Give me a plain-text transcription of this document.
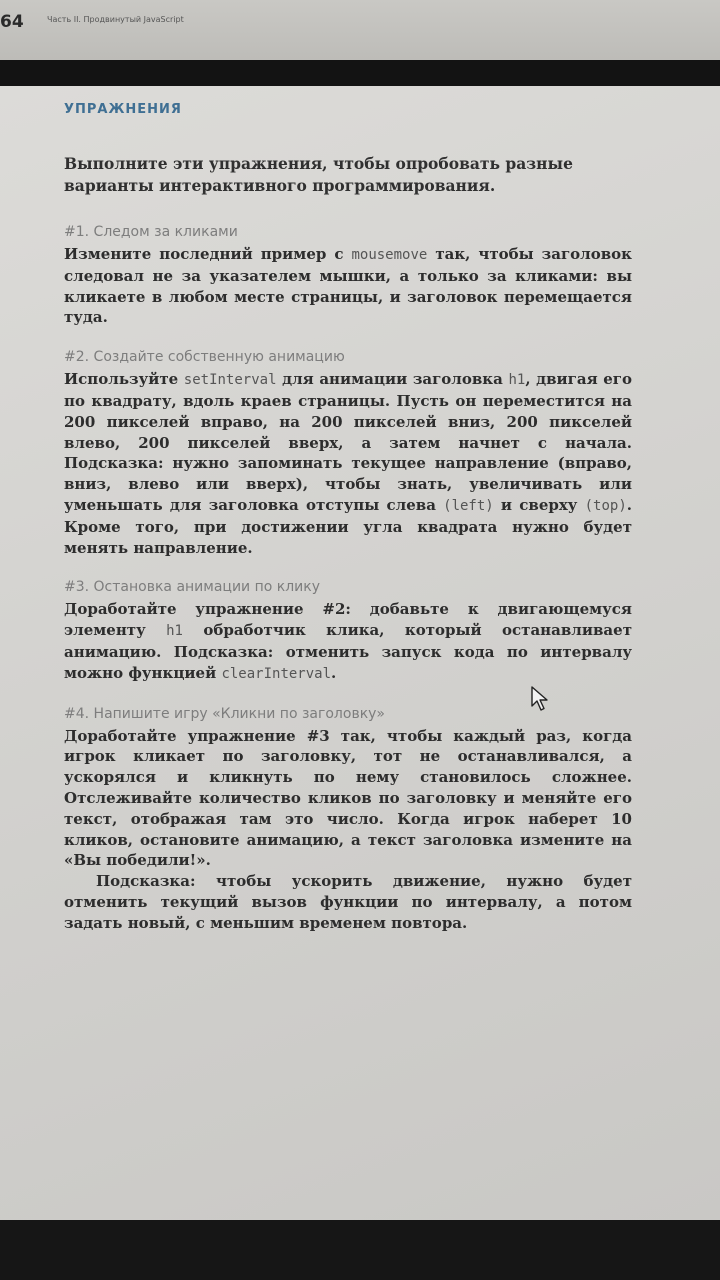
64	Часть II. Продвинутый JavaScript
УПРАЖНЕНИЯ

Выполните эти упражнения, чтобы опробовать разные варианты интерактивного программирования.

#1. Следом за кликами

Измените последний пример с mousemove так, чтобы заголовок следовал не за указателем мышки, а только за кликами: вы кликаете в любом месте страницы, и заголовок перемещается туда.

#2. Создайте собственную анимацию

Используйте setInterval для анимации заголовка h1, двигая его по квадрату, вдоль краев страницы. Пусть он переместится на 200 пикселей вправо, на 200 пикселей вниз, 200 пикселей влево, 200 пикселей вверх, а затем начнет с начала. Подсказка: нужно запоминать текущее направление (вправо, вниз, влево или вверх), чтобы знать, увеличивать или уменьшать для заголовка отступы слева (left) и сверху (top). Кроме того, при достижении угла квадрата нужно будет менять направление.

#3. Остановка анимации по клику

Доработайте упражнение #2: добавьте к двигающемуся элементу h1 обработчик клика, который останавливает анимацию. Подсказка: отменить запуск кода по интервалу можно функцией clearInterval.

#4. Напишите игру «Кликни по заголовку»

Доработайте упражнение #3 так, чтобы каждый раз, когда игрок кликает по заголовку, тот не останавливался, а ускорялся и кликнуть по нему становилось сложнее. Отслеживайте количество кликов по заголовку и меняйте его текст, отображая там это число. Когда игрок наберет 10 кликов, остановите анимацию, а текст заголовка измените на «Вы победили!».

Подсказка: чтобы ускорить движение, нужно будет отменить текущий вызов функции по интервалу, а потом задать новый, с меньшим временем повтора.
